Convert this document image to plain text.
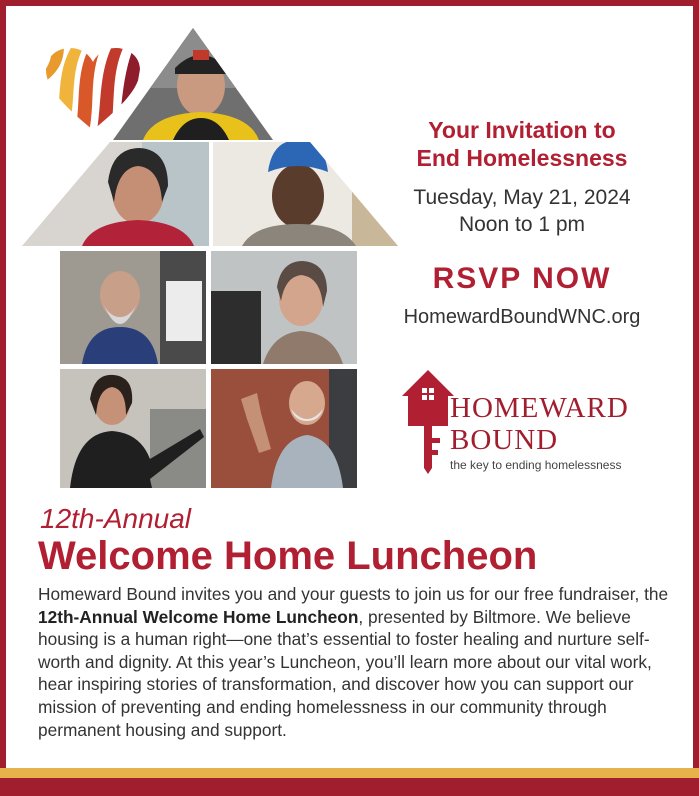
Your Invitation to
End Homelessness
Tuesday, May 21, 2024
Noon to 1 pm
RSVP NOW
HomewardBoundWNC.org
HOMEWARD
BOUND
the key to ending homelessness
12th-Annual
Welcome Home Luncheon
Homeward Bound invites you and your guests to join us for our free fundraiser, the 12th-Annual Welcome Home Luncheon, presented by Biltmore. We believe housing is a human right—one that’s essential to foster healing and nurture self-worth and dignity. At this year’s Luncheon, you’ll learn more about our vital work, hear inspiring stories of transformation, and discover how you can support our mission of preventing and ending homelessness in our community through permanent housing and support.
